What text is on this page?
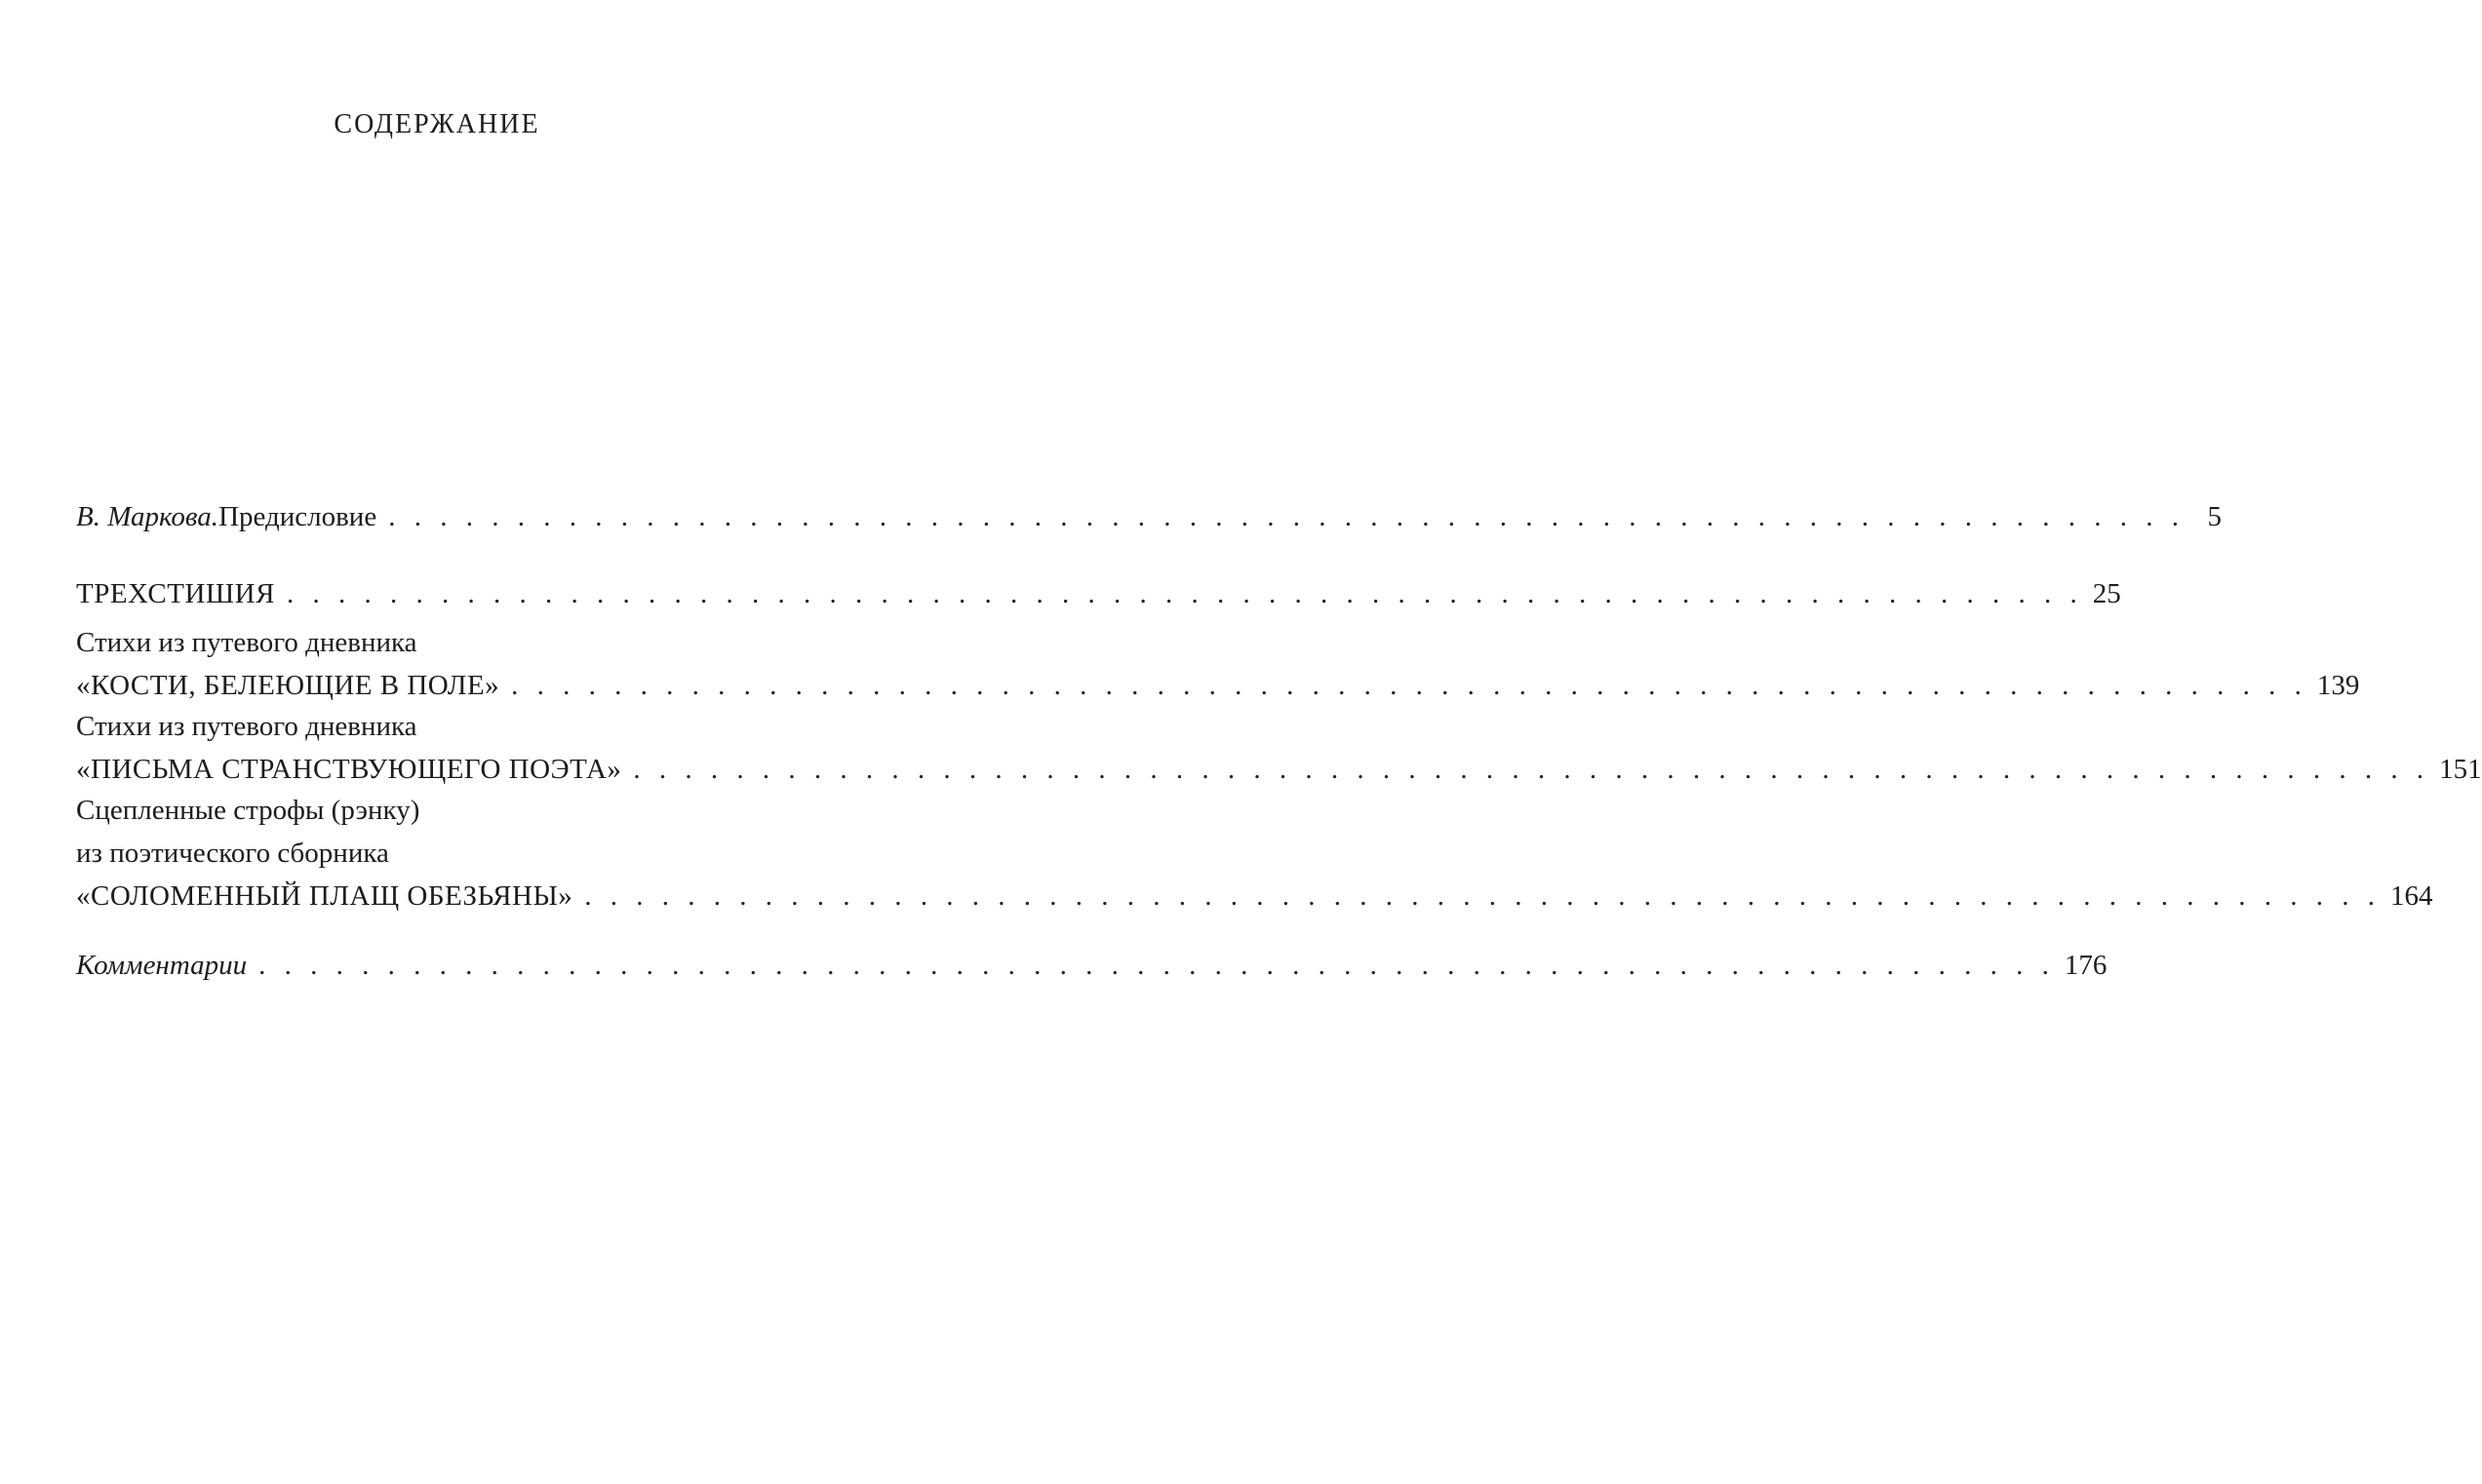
СОДЕРЖАНИЕ
В. Маркова. Предисловие . . . . . . . . . . . . . . . . . . . . . . . . . . . . . . . . . . . . . . . . . . . . . . . . . . . . . . . . . . . . . . . . . . . . . . 5
ТРЕХСТИШИЯ . . . . . . . . . . . . . . . . . . . . . . . . . . . . . . . . . . . . . . . . . . . . . . . . . . . . . . . . . . . . . . . . . . . . . . 25
Стихи из путевого дневника
«КОСТИ, БЕЛЕЮЩИЕ В ПОЛЕ» . . . . . . . . . . . . . . . . . . . . . . . . . . . . . . . . . . . . . . . . . . . . . . . . . . . . . . . . . . . . . . . . . . . . . . 139
Стихи из путевого дневника
«ПИСЬМА СТРАНСТВУЮЩЕГО ПОЭТА» . . . . . . . . . . . . . . . . . . . . . . . . . . . . . . . . . . . . . . . . . . . . . . . . . . . . . . . . . . . . . . . . . . . . . . 151
Сцепленные строфы (рэнку)
из поэтического сборника
«СОЛОМЕННЫЙ ПЛАЩ ОБЕЗЬЯНЫ» . . . . . . . . . . . . . . . . . . . . . . . . . . . . . . . . . . . . . . . . . . . . . . . . . . . . . . . . . . . . . . . . . . . . . . 164
Комментарии . . . . . . . . . . . . . . . . . . . . . . . . . . . . . . . . . . . . . . . . . . . . . . . . . . . . . . . . . . . . . . . . . . . . . . 176
